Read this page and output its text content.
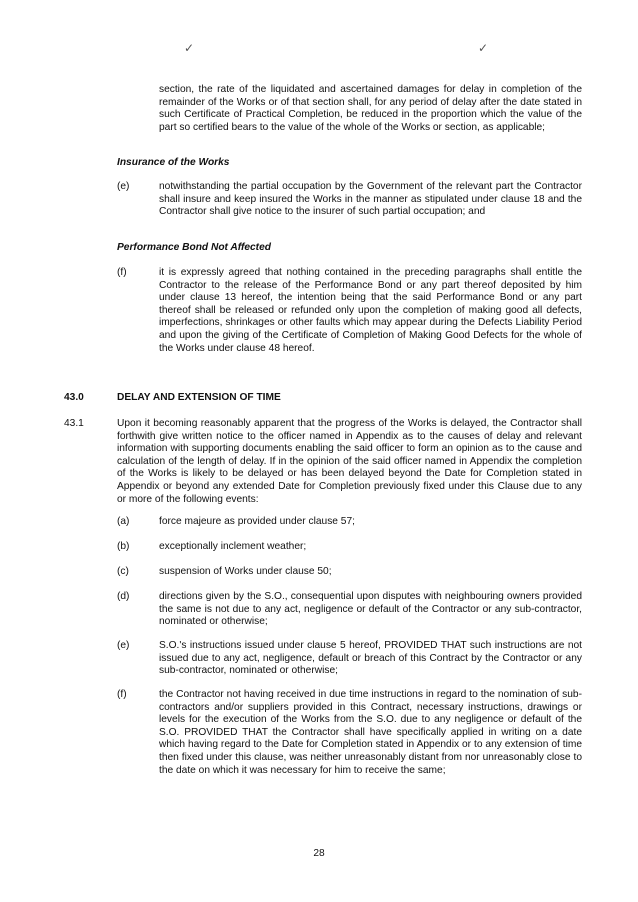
✓	✓

section, the rate of the liquidated and ascertained damages for delay in completion of the remainder of the Works or of that section shall, for any period of delay after the date stated in such Certificate of Practical Completion, be reduced in the proportion which the value of the part so certified bears to the value of the whole of the Works or section, as applicable;

Insurance of the Works

(e)	notwithstanding the partial occupation by the Government of the relevant part the Contractor shall insure and keep insured the Works in the manner as stipulated under clause 18 and the Contractor shall give notice to the insurer of such partial occupation; and

Performance Bond Not Affected

(f)	it is expressly agreed that nothing contained in the preceding paragraphs shall entitle the Contractor to the release of the Performance Bond or any part thereof deposited by him under clause 13 hereof, the intention being that the said Performance Bond or any part thereof shall be released or refunded only upon the completion of making good all defects, imperfections, shrinkages or other faults which may appear during the Defects Liability Period and upon the giving of the Certificate of Completion of Making Good Defects for the whole of the Works under clause 48 hereof.

43.0	DELAY AND EXTENSION OF TIME

43.1	Upon it becoming reasonably apparent that the progress of the Works is delayed, the Contractor shall forthwith give written notice to the officer named in Appendix as to the causes of delay and relevant information with supporting documents enabling the said officer to form an opinion as to the cause and calculation of the length of delay. If in the opinion of the said officer named in Appendix the completion of the Works is likely to be delayed or has been delayed beyond the Date for Completion stated in Appendix or beyond any extended Date for Completion previously fixed under this Clause due to any or more of the following events:

(a)	force majeure as provided under clause 57;

(b)	exceptionally inclement weather;

(c)	suspension of Works under clause 50;

(d)	directions given by the S.O., consequential upon disputes with neighbouring owners provided the same is not due to any act, negligence or default of the Contractor or any sub-contractor, nominated or otherwise;

(e)	S.O.'s instructions issued under clause 5 hereof, PROVIDED THAT such instructions are not issued due to any act, negligence, default or breach of this Contract by the Contractor or any sub-contractor, nominated or otherwise;

(f)	the Contractor not having received in due time instructions in regard to the nomination of sub-contractors and/or suppliers provided in this Contract, necessary instructions, drawings or levels for the execution of the Works from the S.O. due to any negligence or default of the S.O. PROVIDED THAT the Contractor shall have specifically applied in writing on a date which having regard to the Date for Completion stated in Appendix or to any extension of time then fixed under this clause, was neither unreasonably distant from nor unreasonably close to the date on which it was necessary for him to receive the same;

28
